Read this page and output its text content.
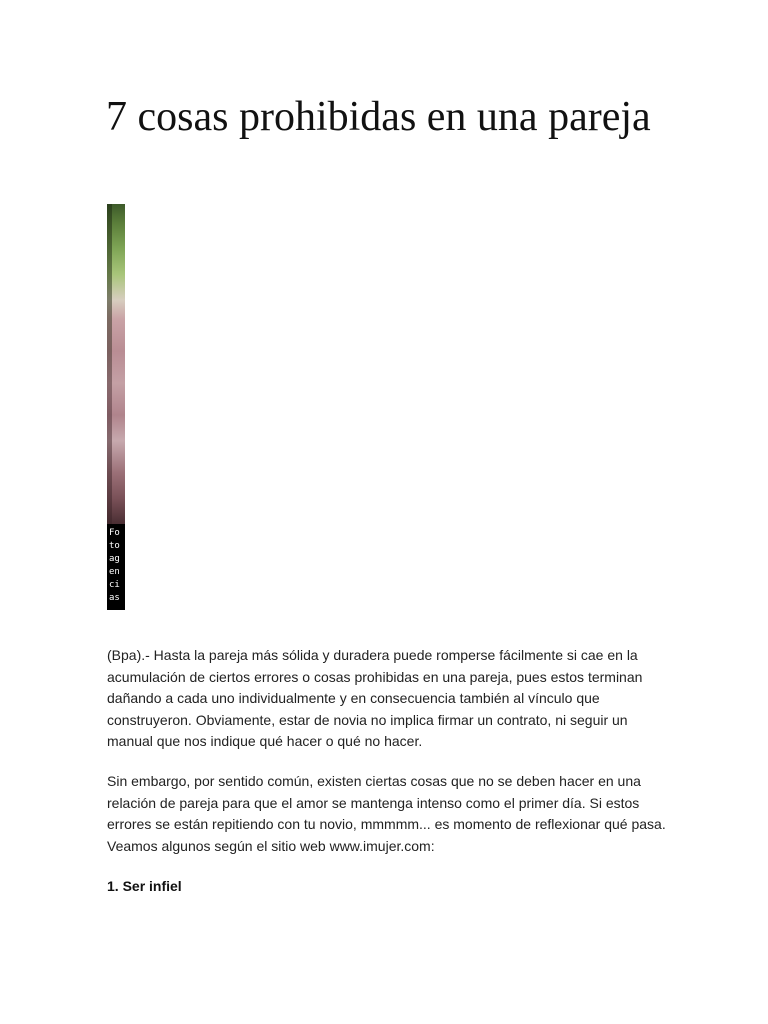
7 cosas prohibidas en una pareja
Fotoagencias

(Bpa).- Hasta la pareja más sólida y duradera puede romperse fácilmente si cae en la acumulación de ciertos errores o cosas prohibidas en una pareja, pues estos terminan dañando a cada uno individualmente y en consecuencia también al vínculo que construyeron. Obviamente, estar de novia no implica firmar un contrato, ni seguir un manual que nos indique qué hacer o qué no hacer.

Sin embargo, por sentido común, existen ciertas cosas que no se deben hacer en una relación de pareja para que el amor se mantenga intenso como el primer día. Si estos errores se están repitiendo con tu novio, mmmmm... es momento de reflexionar qué pasa. Veamos algunos según el sitio web www.imujer.com:

1. Ser infiel
